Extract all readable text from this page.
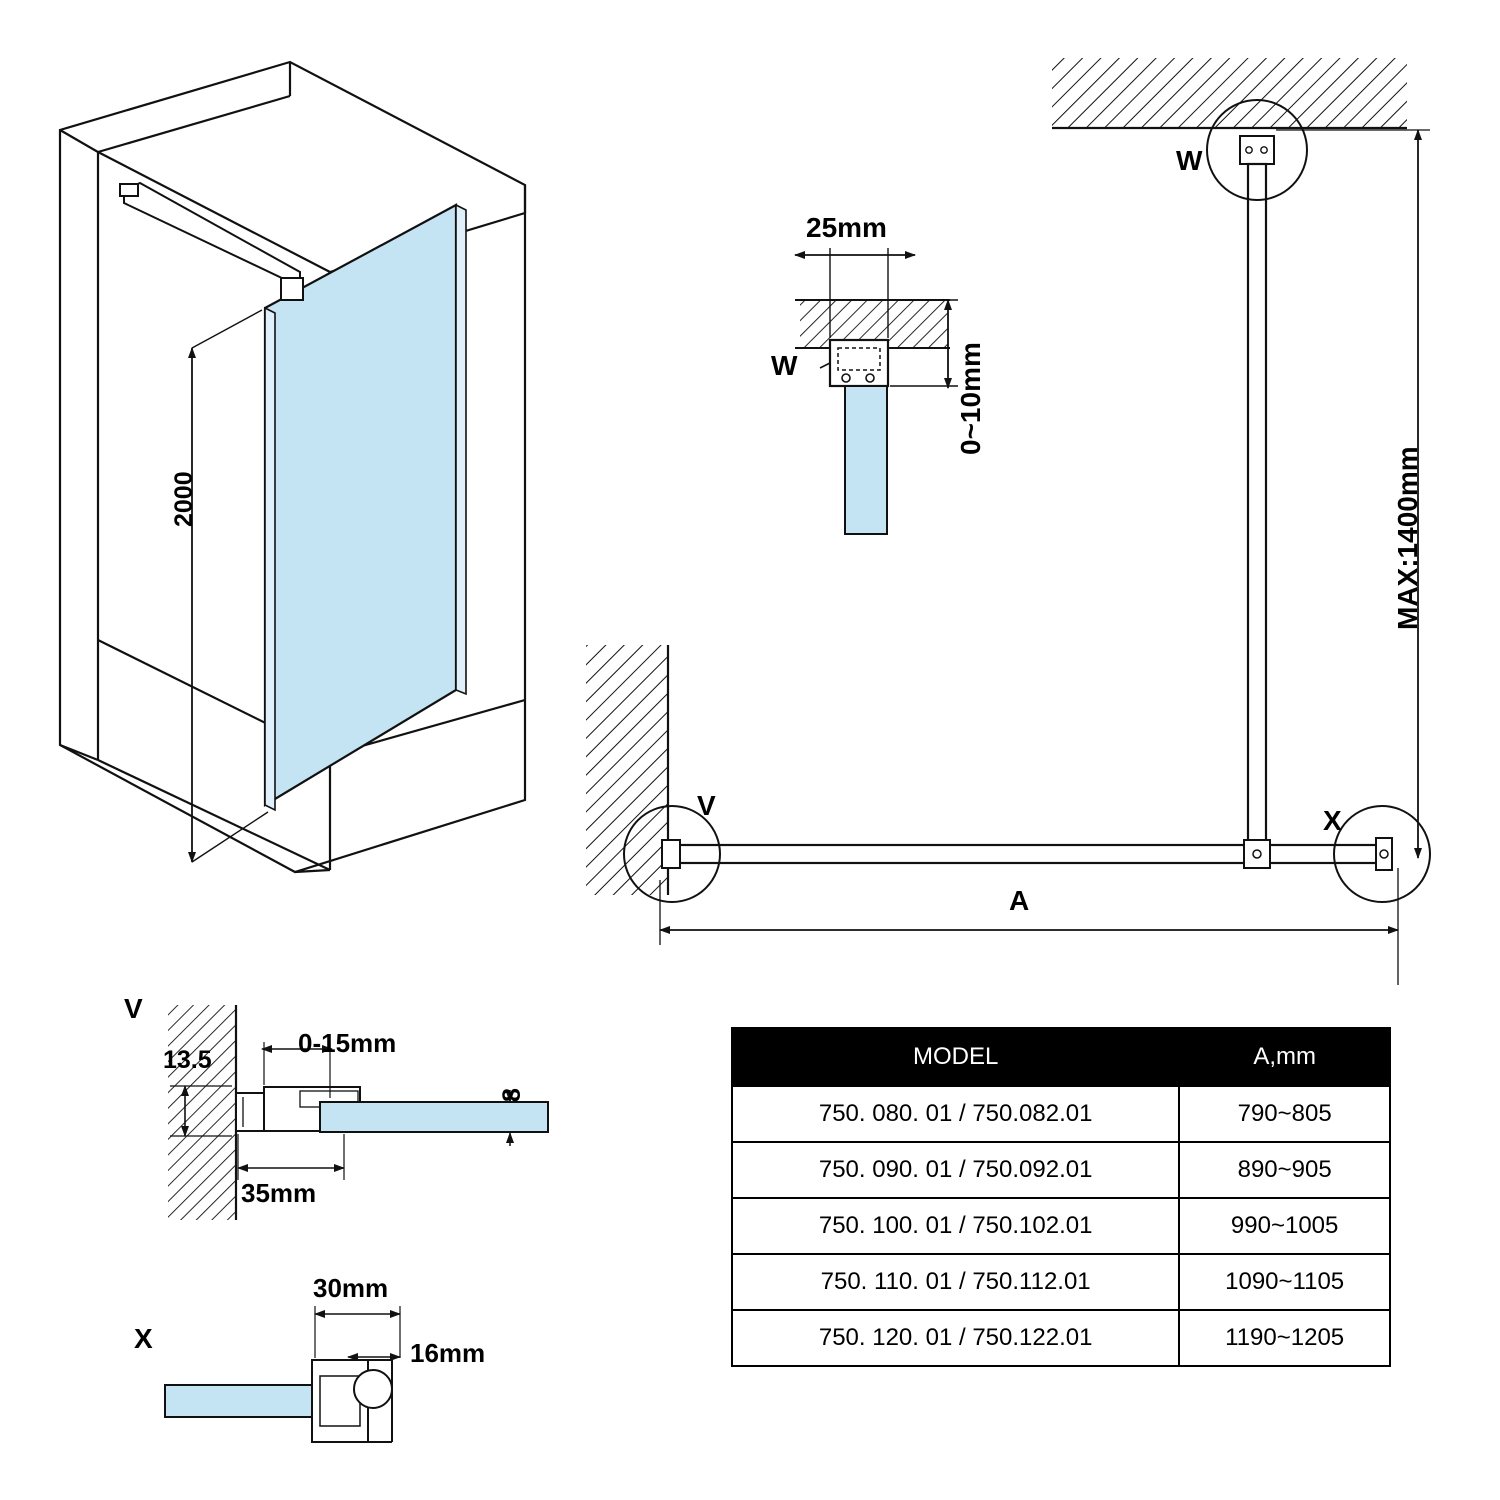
2000
W
25mm
0~10mm
W
MAX:1400mm
V	X
A
V
13.5
0-15mm
35mm
8
X
30mm
16mm
MODEL	A,mm
750. 080. 01 / 750.082.01	790~805
750. 090. 01 / 750.092.01	890~905
750. 100. 01 / 750.102.01	990~1005
750. 110. 01 / 750.112.01	1090~1105
750. 120. 01 / 750.122.01	1190~1205
